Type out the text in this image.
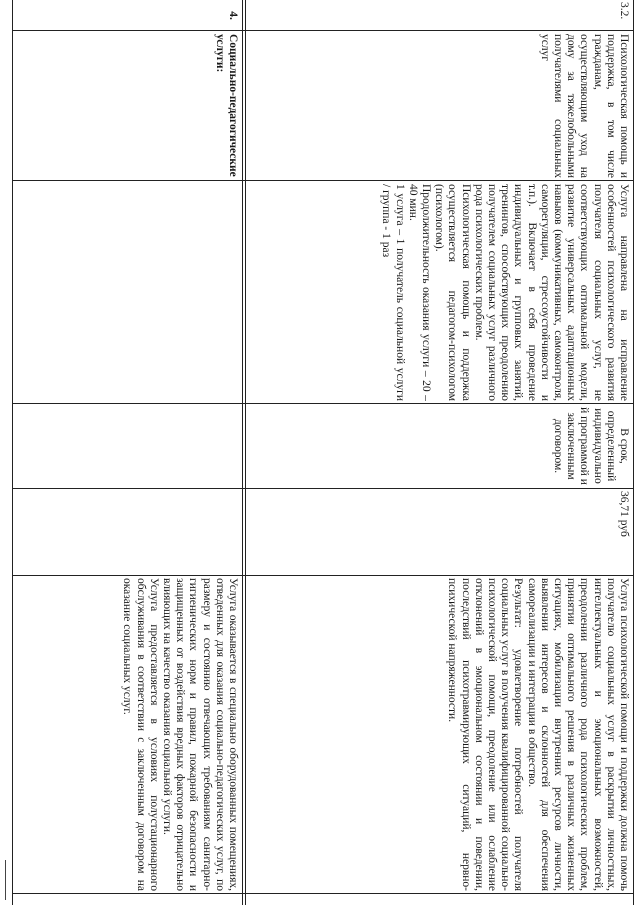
3.2.

Психологическая помощь и поддержка, в том числе гражданам, осуществляющим уход на дому за тяжелобольными получателями социальных услуг

Услуга направлена на исправление особенностей психологического развития получателя социальных услуг, не соответствующих оптимальной модели, развитие универсальных адаптационных навыков (коммуникативных, самоконтроля, саморегуляции, стрессоустойчивости и т.п.). Включает в себя проведение индивидуальных и групповых занятий, тренингов, способствующих преодолению получателем социальных услуг различного рода психологических проблем.

Психологическая помощь и поддержка осуществляется педагогом-психологом (психологом).

Продолжительность оказания услуги – 20 – 40 мин.

1 услуга – 1 получатель социальной услуги / группа - 1 раз

В срок, определенный индивидуально й программой и заключенным договором.

36,71 руб

Услуга психологической помощи и поддержки должна помочь получателю социальных услуг в раскрытии личностных, интеллектуальных и эмоциональных возможностей, преодолении различного рода психологических проблем, принятии оптимального решения в различных жизненных ситуациях, мобилизации внутренних ресурсов личности, выявлении интересов и склонностей для обеспечения самореализации и интеграции в общество.

Результат: удовлетворение потребностей получателя социальных услуг в получения квалифицированной социально-психологической помощи, преодоление или ослабление отклонений в эмоциональном состоянии и поведении, последствий психотравмирующих ситуаций, нервно-психической напряженности.

4.

Социально-педагогические услуги:

Услуга оказывается в специально оборудованных помещениях, отведенных для оказания социально-педагогических услуг, по размеру и состоянию отвечающих требованиям санитарно-гигиенических норм и правил, пожарной безопасности и защищенных от воздействия вредных факторов отрицательно влияющих на качество оказания социальной услуги.

Услуга предоставляется в условиях полустационарного обслуживания в соответствии с заключенным договором на оказание социальных услуг.
